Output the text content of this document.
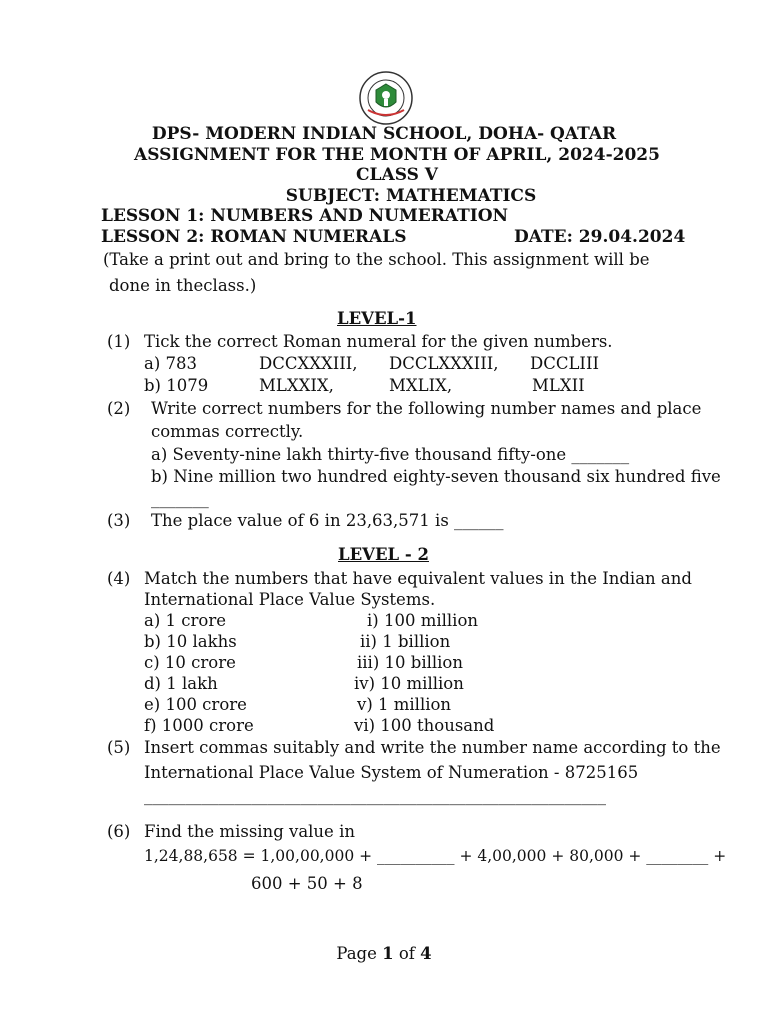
DPS- MODERN INDIAN SCHOOL, DOHA- QATAR
ASSIGNMENT FOR THE MONTH OF APRIL, 2024-2025
CLASS V
SUBJECT: MATHEMATICS
LESSON 1: NUMBERS AND NUMERATION
LESSON 2: ROMAN NUMERALS	DATE: 29.04.2024
(Take a print out and bring to the school. This assignment will be
done in theclass.)
LEVEL-1
(1) Tick the correct Roman numeral for the given numbers.
a) 783	DCCXXXIII, DCCLXXXIII, DCCLIII
b) 1079	MLXXIX,	MXLIX,	MLXII
(2) Write correct numbers for the following number names and place
commas correctly.
a) Seventy-nine lakh thirty-five thousand fifty-one _______
b) Nine million two hundred eighty-seven thousand six hundred five
_______
(3) The place value of 6 in 23,63,571 is ______
LEVEL - 2
(4) Match the numbers that have equivalent values in the Indian and
International Place Value Systems.
a) 1 crore	i) 100 million
b) 10 lakhs	ii) 1 billion
c) 10 crore	iii) 10 billion
d) 1 lakh	iv) 10 million
e) 100 crore	v) 1 million
f) 1000 crore	vi) 100 thousand
(5) Insert commas suitably and write the number name according to the
International Place Value System of Numeration - 8725165
________________________________________________________
(6) Find the missing value in
1,24,88,658 = 1,00,00,000 + __________ + 4,00,000 + 80,000 + ________ +
600 + 50 + 8
Page 1 of 4
